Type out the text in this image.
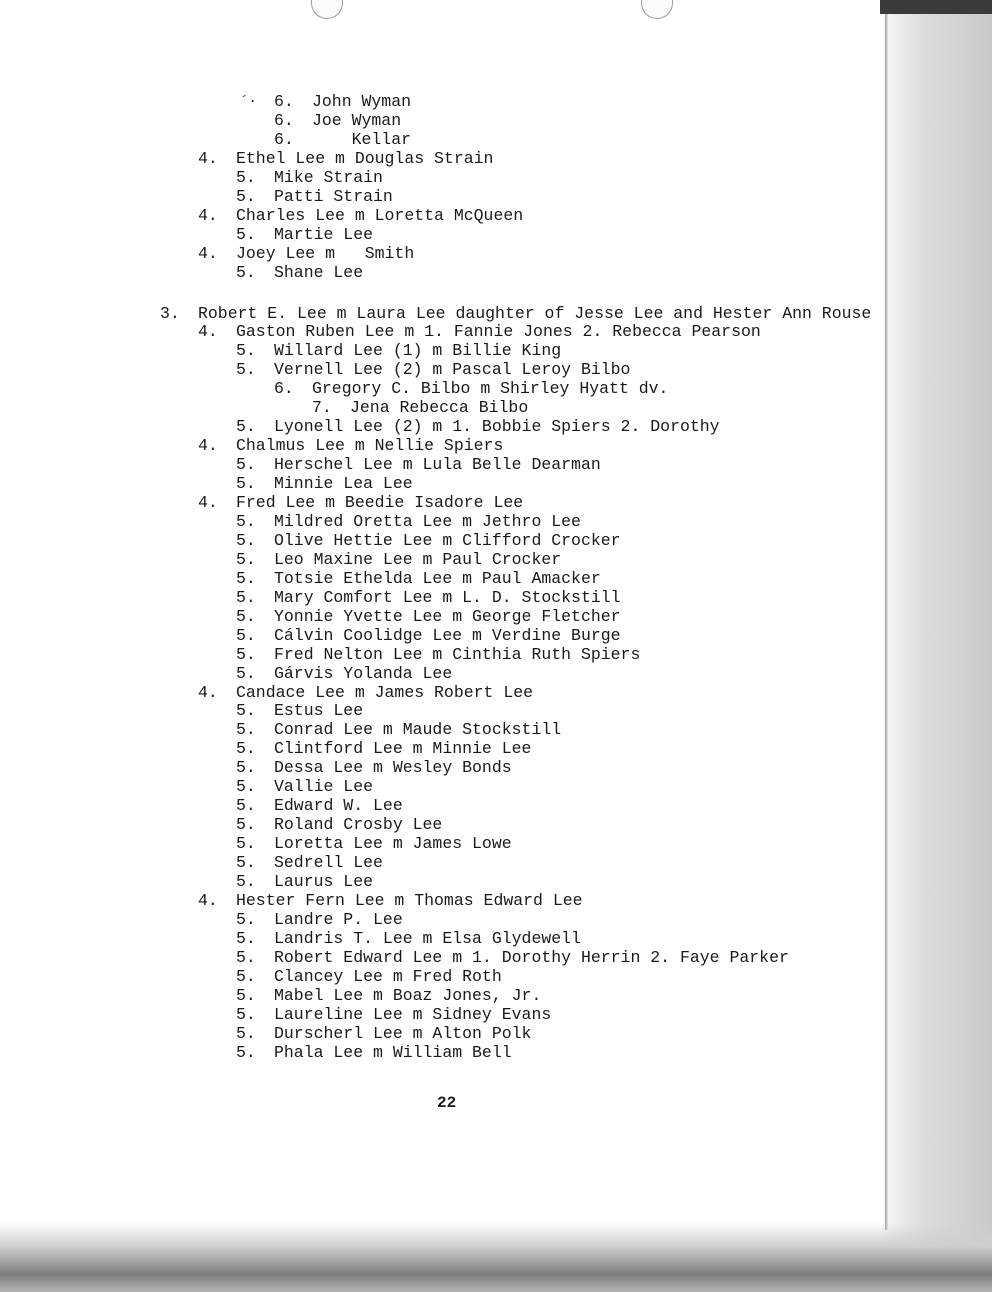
´· 6. John Wyman
6. Joe Wyman
6. Kellar
4. Ethel Lee m Douglas Strain
5. Mike Strain
5. Patti Strain
4. Charles Lee m Loretta McQueen
5. Martie Lee
4. Joey Lee m   Smith
5. Shane Lee
3. Robert E. Lee m Laura Lee daughter of Jesse Lee and Hester Ann Rouse
4. Gaston Ruben Lee m 1. Fannie Jones 2. Rebecca Pearson
5. Willard Lee (1) m Billie King
5. Vernell Lee (2) m Pascal Leroy Bilbo
6. Gregory C. Bilbo m Shirley Hyatt dv.
7. Jena Rebecca Bilbo
5. Lyonell Lee (2) m 1. Bobbie Spiers 2. Dorothy
4. Chalmus Lee m Nellie Spiers
5. Herschel Lee m Lula Belle Dearman
5. Minnie Lea Lee
4. Fred Lee m Beedie Isadore Lee
5. Mildred Oretta Lee m Jethro Lee
5. Olive Hettie Lee m Clifford Crocker
5. Leo Maxine Lee m Paul Crocker
5. Totsie Ethelda Lee m Paul Amacker
5. Mary Comfort Lee m L. D. Stockstill
5. Yonnie Yvette Lee m George Fletcher
5. Cálvin Coolidge Lee m Verdine Burge
5. Fred Nelton Lee m Cinthia Ruth Spiers
5. Gárvis Yolanda Lee
4. Candace Lee m James Robert Lee
5. Estus Lee
5. Conrad Lee m Maude Stockstill
5. Clintford Lee m Minnie Lee
5. Dessa Lee m Wesley Bonds
5. Vallie Lee
5. Edward W. Lee
5. Roland Crosby Lee
5. Loretta Lee m James Lowe
5. Sedrell Lee
5. Laurus Lee
4. Hester Fern Lee m Thomas Edward Lee
5. Landre P. Lee
5. Landris T. Lee m Elsa Glydewell
5. Robert Edward Lee m 1. Dorothy Herrin 2. Faye Parker
5. Clancey Lee m Fred Roth
5. Mabel Lee m Boaz Jones, Jr.
5. Laureline Lee m Sidney Evans
5. Durscherl Lee m Alton Polk
5. Phala Lee m William Bell
22
